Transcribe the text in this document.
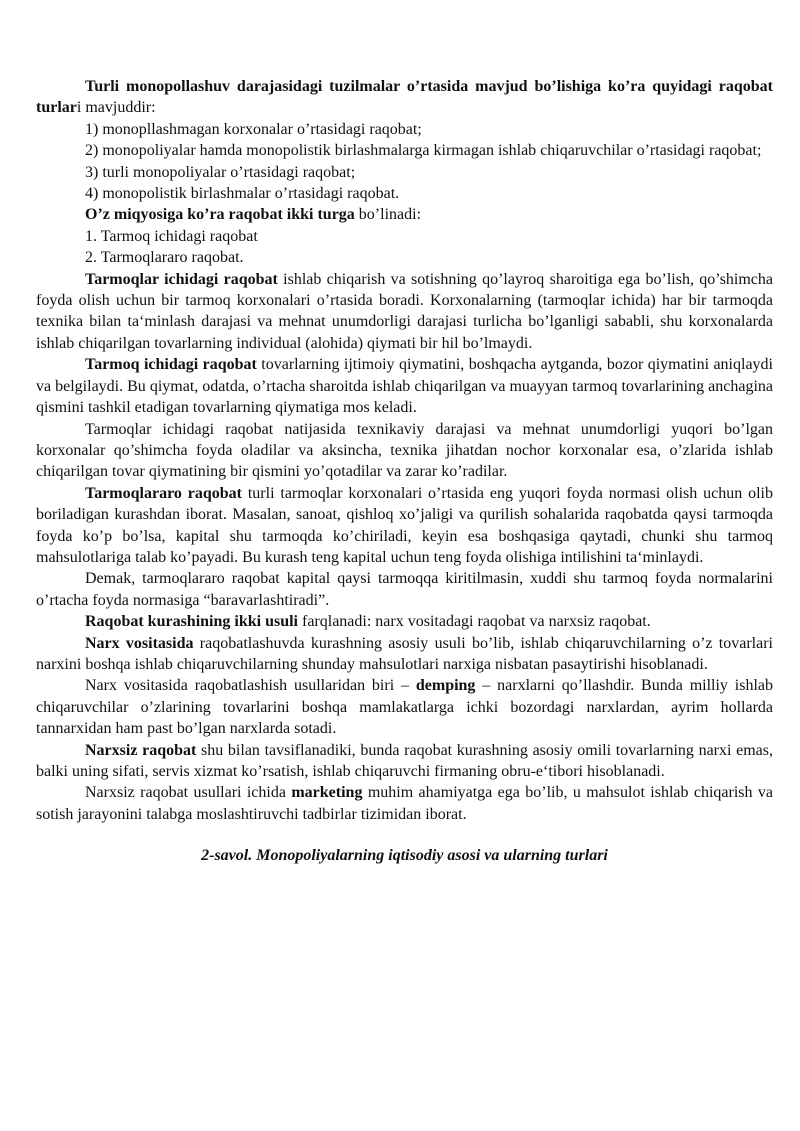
Turli monopollashuv darajasidagi tuzilmalar o’rtasida mavjud bo’lishiga ko’ra quyidagi raqobat turlari mavjuddir:

1) monopllashmagan korxonalar o’rtasidagi raqobat;

2) monopoliyalar hamda monopolistik birlashmalarga kirmagan ishlab chiqaruvchilar o’rtasidagi raqobat;

3) turli monopoliyalar o’rtasidagi raqobat;

4) monopolistik birlashmalar o’rtasidagi raqobat.

O’z miqyosiga ko’ra raqobat ikki turga bo’linadi:

1. Tarmoq ichidagi raqobat

2. Tarmoqlararo raqobat.

Tarmoqlar ichidagi raqobat ishlab chiqarish va sotishning qo’layroq sharoitiga ega bo’lish, qo’shimcha foyda olish uchun bir tarmoq korxonalari o’rtasida boradi. Korxonalarning (tarmoqlar ichida) har bir tarmoqda texnika bilan ta‘minlash darajasi va mehnat unumdorligi darajasi turlicha bo’lganligi sababli, shu korxonalarda ishlab chiqarilgan tovarlarning individual (alohida) qiymati bir hil bo’lmaydi.

Tarmoq ichidagi raqobat tovarlarning ijtimoiy qiymatini, boshqacha aytganda, bozor qiymatini aniqlaydi va belgilaydi. Bu qiymat, odatda, o’rtacha sharoitda ishlab chiqarilgan va muayyan tarmoq tovarlarining anchagina qismini tashkil etadigan tovarlarning qiymatiga mos keladi.

Tarmoqlar ichidagi raqobat natijasida texnikaviy darajasi va mehnat unumdorligi yuqori bo’lgan korxonalar qo’shimcha foyda oladilar va aksincha, texnika jihatdan nochor korxonalar esa, o’zlarida ishlab chiqarilgan tovar qiymatining bir qismini yo’qotadilar va zarar ko’radilar.

Tarmoqlararo raqobat turli tarmoqlar korxonalari o’rtasida eng yuqori foyda normasi olish uchun olib boriladigan kurashdan iborat. Masalan, sanoat, qishloq xo’jaligi va qurilish sohalarida raqobatda qaysi tarmoqda foyda ko’p bo’lsa, kapital shu tarmoqda ko’chiriladi, keyin esa boshqasiga qaytadi, chunki shu tarmoq mahsulotlariga talab ko’payadi. Bu kurash teng kapital uchun teng foyda olishiga intilishini ta‘minlaydi.

Demak, tarmoqlararo raqobat kapital qaysi tarmoqqa kiritilmasin, xuddi shu tarmoq foyda normalarini o’rtacha foyda normasiga “baravarlashtiradi”.

Raqobat kurashining ikki usuli farqlanadi: narx vositadagi raqobat va narxsiz raqobat.

Narx vositasida raqobatlashuvda kurashning asosiy usuli bo’lib, ishlab chiqaruvchilarning o’z tovarlari narxini boshqa ishlab chiqaruvchilarning shunday mahsulotlari narxiga nisbatan pasaytirishi hisoblanadi.

Narx vositasida raqobatlashish usullaridan biri – demping – narxlarni qo’llashdir. Bunda milliy ishlab chiqaruvchilar o’zlarining tovarlarini boshqa mamlakatlarga ichki bozordagi narxlardan, ayrim hollarda tannarxidan ham past bo’lgan narxlarda sotadi.

Narxsiz raqobat shu bilan tavsiflanadiki, bunda raqobat kurashning asosiy omili tovarlarning narxi emas, balki uning sifati, servis xizmat ko’rsatish, ishlab chiqaruvchi firmaning obru-e‘tibori hisoblanadi.

Narxsiz raqobat usullari ichida marketing muhim ahamiyatga ega bo’lib, u mahsulot ishlab chiqarish va sotish jarayonini talabga moslashtiruvchi tadbirlar tizimidan iborat.

2-savol. Monopoliyalarning iqtisodiy asosi va ularning turlari
